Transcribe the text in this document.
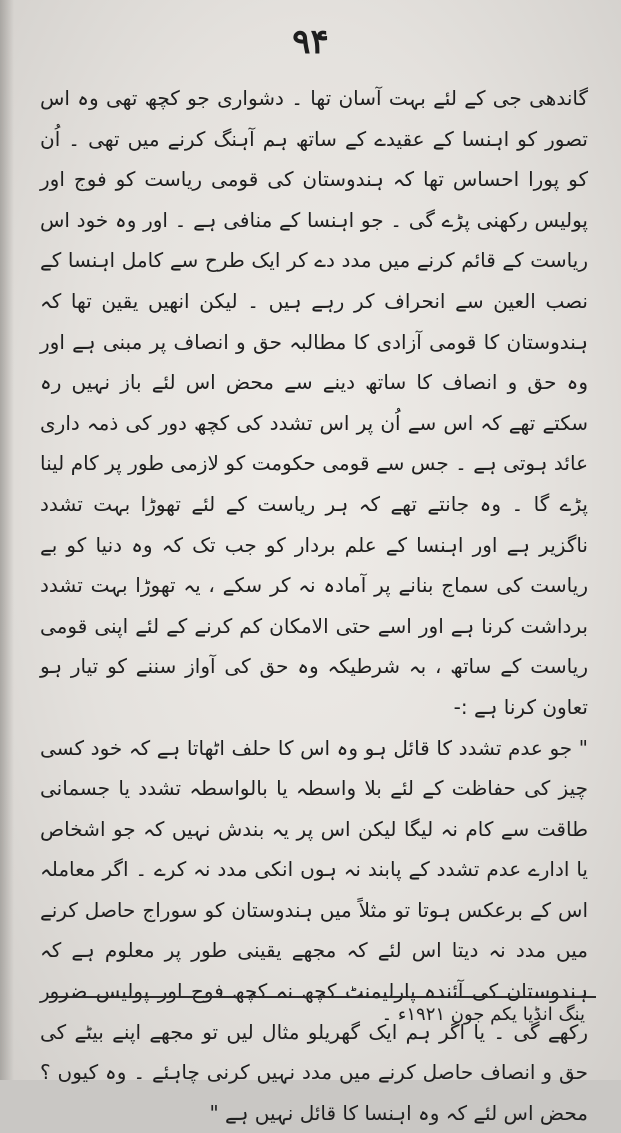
۹۴

گاندھی جی کے لئے بہت آسان تھا ۔ دشواری جو کچھ تھی وہ اس تصور کو اہنسا کے عقیدے کے ساتھ ہم آہنگ کرنے میں تھی ۔ اُن کو پورا احساس تھا کہ ہندوستان کی قومی ریاست کو فوج اور پولیس رکھنی پڑے گی ۔ جو اہنسا کے منافی ہے ۔ اور وہ خود اس ریاست کے قائم کرنے میں مدد دے کر ایک طرح سے کامل اہنسا کے نصب العین سے انحراف کر رہے ہیں ۔ لیکن انھیں یقین تھا کہ ہندوستان کا قومی آزادی کا مطالبہ حق و انصاف پر مبنی ہے اور وہ حق و انصاف کا ساتھ دینے سے محض اس لئے باز نہیں رہ سکتے تھے کہ اس سے اُن پر اس تشدد کی کچھ دور کی ذمہ داری عائد ہوتی ہے ۔ جس سے قومی حکومت کو لازمی طور پر کام لینا پڑے گا ۔ وہ جانتے تھے کہ ہر ریاست کے لئے تھوڑا بہت تشدد ناگزیر ہے اور اہنسا کے علم بردار کو جب تک کہ وہ دنیا کو بے ریاست کی سماج بنانے پر آمادہ نہ کر سکے ، یہ تھوڑا بہت تشدد برداشت کرنا ہے اور اسے حتی الامکان کم کرنے کے لئے اپنی قومی ریاست کے ساتھ ، بہ شرطیکہ وہ حق کی آواز سننے کو تیار ہو تعاون کرنا ہے :-

" جو عدم تشدد کا قائل ہو وہ اس کا حلف اٹھاتا ہے کہ خود کسی چیز کی حفاظت کے لئے بلا واسطہ یا بالواسطہ تشدد یا جسمانی طاقت سے کام نہ لیگا لیکن اس پر یہ بندش نہیں کہ جو اشخاص یا ادارے عدم تشدد کے پابند نہ ہوں انکی مدد نہ کرے ۔ اگر معاملہ اس کے برعکس ہوتا تو مثلاً میں ہندوستان کو سوراج حاصل کرنے میں مدد نہ دیتا اس لئے کہ مجھے یقینی طور پر معلوم ہے کہ ہندوستان کی آئندہ پارلیمنٹ کچھ نہ کچھ فوج اور پولیس ضرور رکھے گی ۔ یا اگر ہم ایک گھریلو مثال لیں تو مجھے اپنے بیٹے کی حق و انصاف حاصل کرنے میں مدد نہیں کرنی چاہئے ۔ وہ کیوں ؟ محض اس لئے کہ وہ اہنسا کا قائل نہیں ہے "

ینگ انڈیا یکم جون ۱۹۲۱ء ۔
